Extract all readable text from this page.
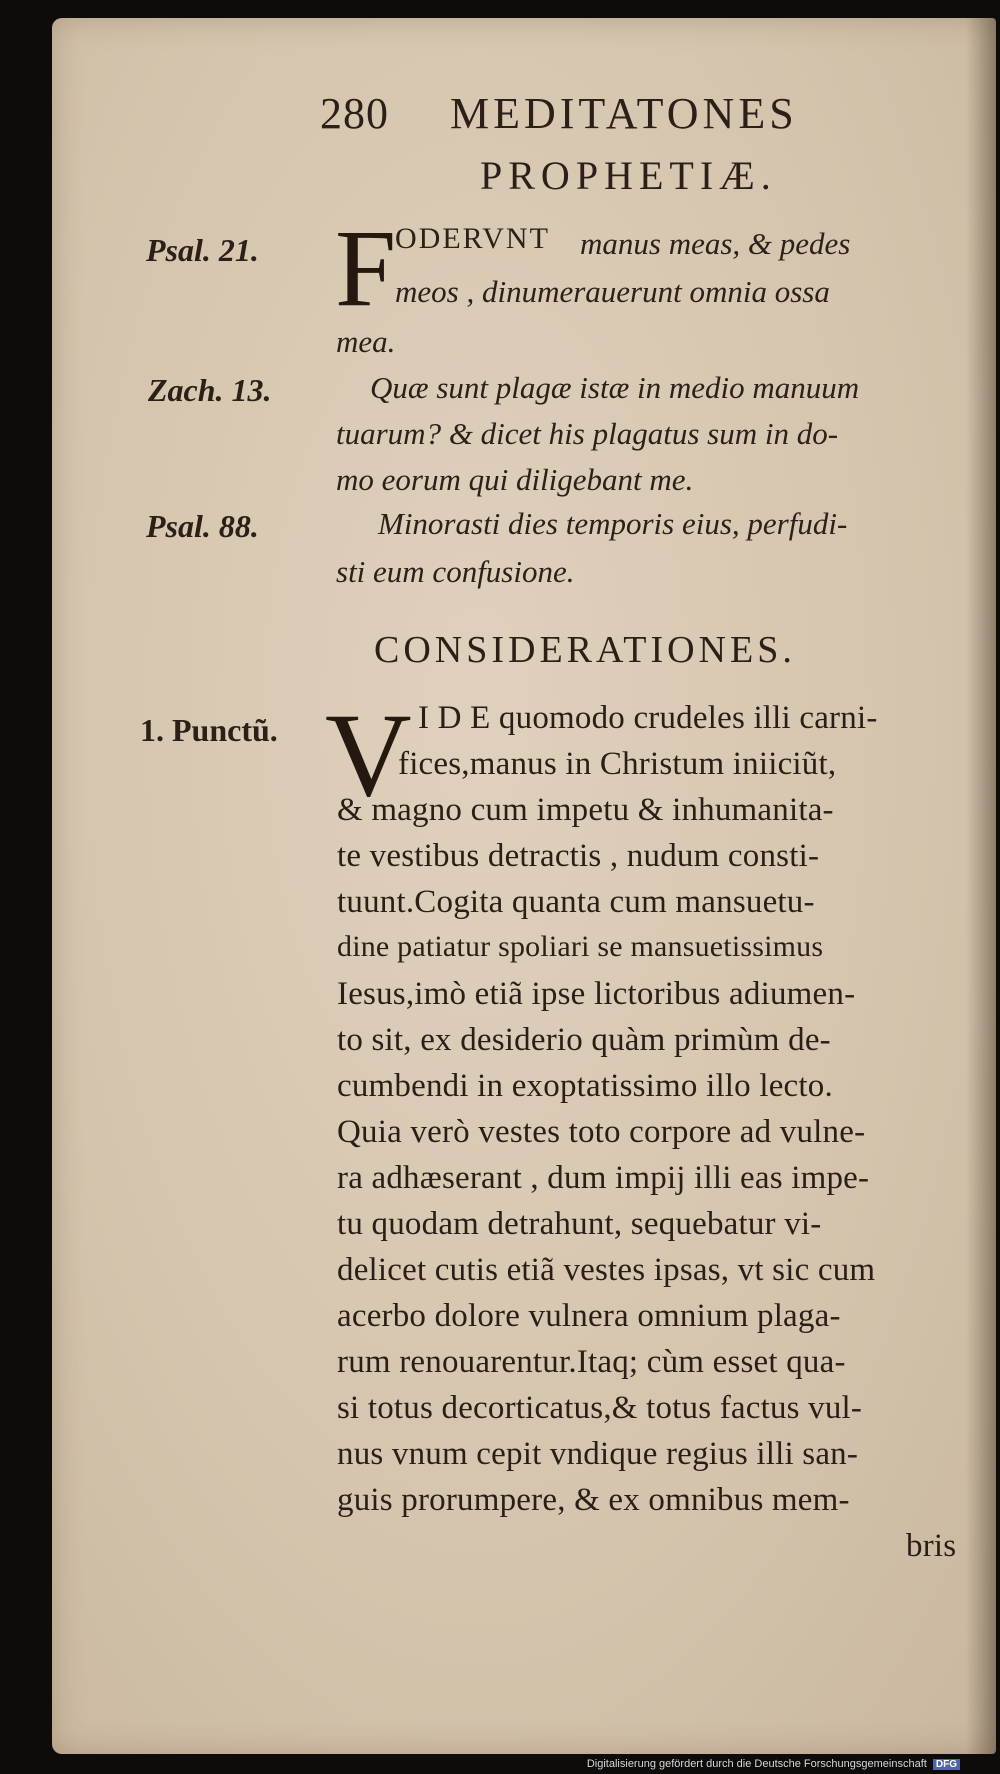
280 MEDITATONES
PROPHETIÆ.
Psal. 21. F
ODERVNT manus meas, & pedes
meos , dinumerauerunt omnia ossa
mea.
Zach. 13.	Quæ sunt plagæ istæ in medio manuum
tuarum? & dicet his plagatus sum in do-
mo eorum qui diligebant me.
Psal. 88.	Minorasti dies temporis eius, perfudi-
sti eum confusione.
CONSIDERATIONES.
1. Punctũ. V I D E quomodo crudeles illi carni-
fices,manus in Christum iniiciũt,
& magno cum impetu & inhumanita-
te vestibus detractis , nudum consti-
tuunt.Cogita quanta cum mansuetu-
dine patiatur spoliari se mansuetissimus
Iesus,imò etiã ipse lictoribus adiumen-
to sit, ex desiderio quàm primùm de-
cumbendi in exoptatissimo illo lecto.
Quia verò vestes toto corpore ad vulne-
ra adhæserant , dum impij illi eas impe-
tu quodam detrahunt, sequebatur vi-
delicet cutis etiã vestes ipsas, vt sic cum
acerbo dolore vulnera omnium plaga-
rum renouarentur.Itaq; cùm esset qua-
si totus decorticatus,& totus factus vul-
nus vnum cepit vndique regius illi san-
guis prorumpere, & ex omnibus mem-
bris
Digitalisierung gefördert durch die Deutsche Forschungsgemeinschaft DFG
